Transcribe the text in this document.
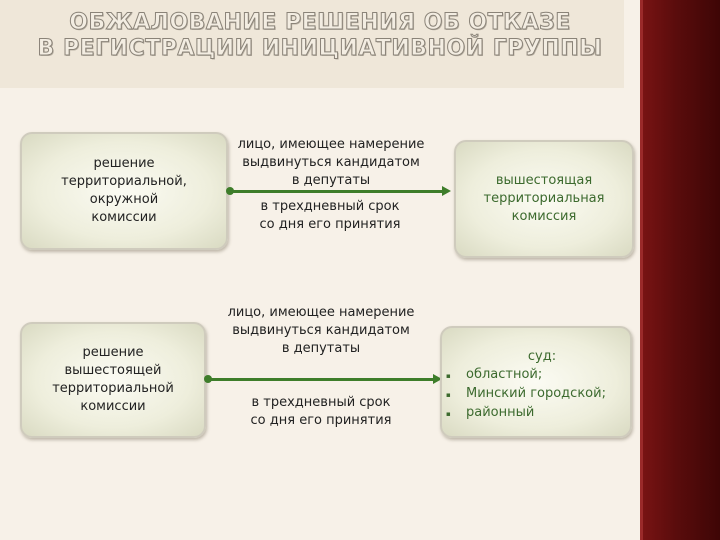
ОБЖАЛОВАНИЕ РЕШЕНИЯ ОБ ОТКАЗЕ
В РЕГИСТРАЦИИ ИНИЦИАТИВНОЙ ГРУППЫ
решение
территориальной,
окружной
комиссии
лицо, имеющее намерение
выдвинуться кандидатом
в депутаты
в трехдневный срок
со дня его принятия
вышестоящая
территориальная
комиссия
решение
вышестоящей
территориальной
комиссии
лицо, имеющее намерение
выдвинуться кандидатом
в депутаты
в трехдневный срок
со дня его принятия
суд:
▪	областной;
▪	Минский городской;
▪	районный
